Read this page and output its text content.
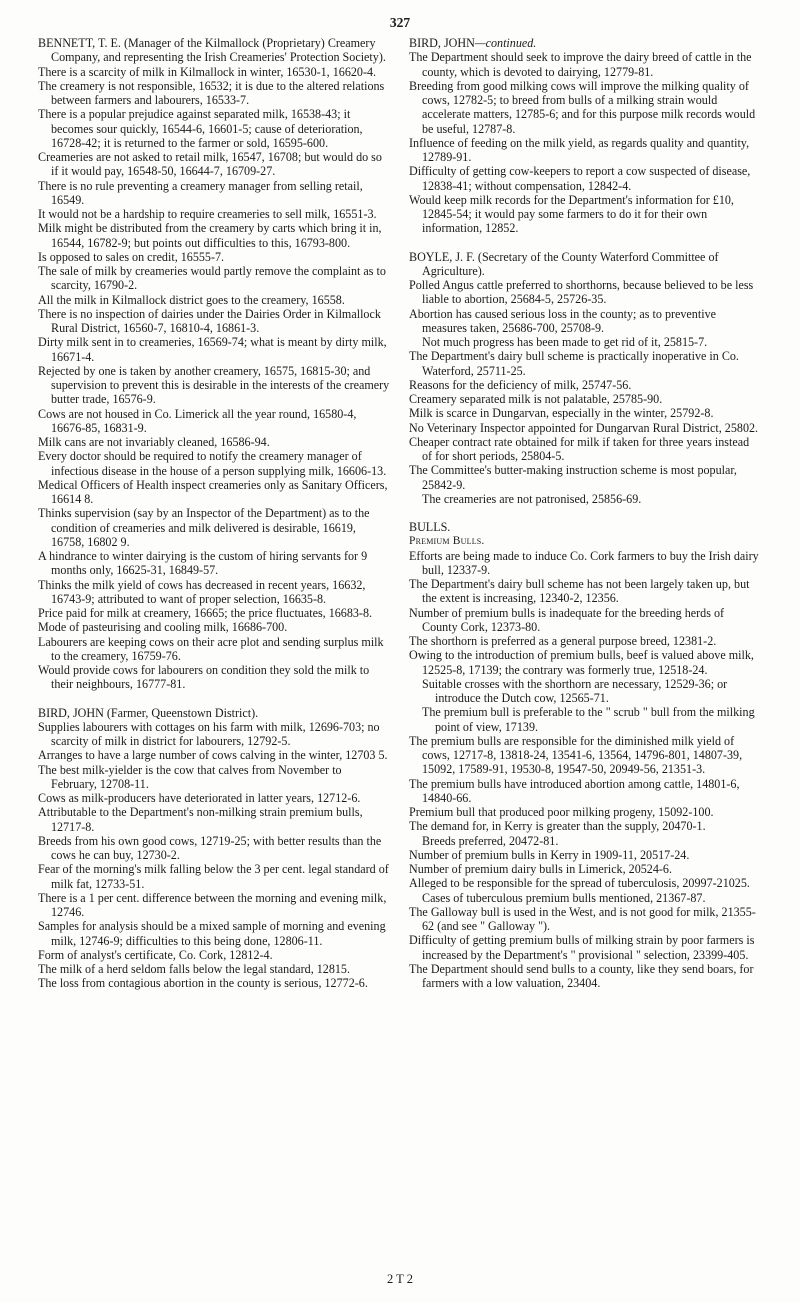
327

BENNETT, T. E. (Manager of the Kilmallock (Proprietary) Creamery Company, and representing the Irish Creameries' Protection Society).

There is a scarcity of milk in Kilmallock in winter, 16530-1, 16620-4.

The creamery is not responsible, 16532; it is due to the altered relations between farmers and labourers, 16533-7.

There is a popular prejudice against separated milk, 16538-43; it becomes sour quickly, 16544-6, 16601-5; cause of deterioration, 16728-42; it is returned to the farmer or sold, 16595-600.

Creameries are not asked to retail milk, 16547, 16708; but would do so if it would pay, 16548-50, 16644-7, 16709-27.

There is no rule preventing a creamery manager from selling retail, 16549.

It would not be a hardship to require creameries to sell milk, 16551-3.

Milk might be distributed from the creamery by carts which bring it in, 16544, 16782-9; but points out difficulties to this, 16793-800.

Is opposed to sales on credit, 16555-7.

The sale of milk by creameries would partly remove the complaint as to scarcity, 16790-2.

All the milk in Kilmallock district goes to the creamery, 16558.

There is no inspection of dairies under the Dairies Order in Kilmallock Rural District, 16560-7, 16810-4, 16861-3.

Dirty milk sent in to creameries, 16569-74; what is meant by dirty milk, 16671-4.

Rejected by one is taken by another creamery, 16575, 16815-30; and supervision to prevent this is desirable in the interests of the creamery butter trade, 16576-9.

Cows are not housed in Co. Limerick all the year round, 16580-4, 16676-85, 16831-9.

Milk cans are not invariably cleaned, 16586-94.

Every doctor should be required to notify the creamery manager of infectious disease in the house of a person supplying milk, 16606-13.

Medical Officers of Health inspect creameries only as Sanitary Officers, 16614 8.

Thinks supervision (say by an Inspector of the Department) as to the condition of creameries and milk delivered is desirable, 16619, 16758, 16802 9.

A hindrance to winter dairying is the custom of hiring servants for 9 months only, 16625-31, 16849-57.

Thinks the milk yield of cows has decreased in recent years, 16632, 16743-9; attributed to want of proper selection, 16635-8.

Price paid for milk at creamery, 16665; the price fluctuates, 16683-8.

Mode of pasteurising and cooling milk, 16686-700.

Labourers are keeping cows on their acre plot and sending surplus milk to the creamery, 16759-76.

Would provide cows for labourers on condition they sold the milk to their neighbours, 16777-81.

BIRD, JOHN (Farmer, Queenstown District).

Supplies labourers with cottages on his farm with milk, 12696-703; no scarcity of milk in district for labourers, 12792-5.

Arranges to have a large number of cows calving in the winter, 12703 5.

The best milk-yielder is the cow that calves from November to February, 12708-11.

Cows as milk-producers have deteriorated in latter years, 12712-6.

Attributable to the Department's non-milking strain premium bulls, 12717-8.

Breeds from his own good cows, 12719-25; with better results than the cows he can buy, 12730-2.

Fear of the morning's milk falling below the 3 per cent. legal standard of milk fat, 12733-51.

There is a 1 per cent. difference between the morning and evening milk, 12746.

Samples for analysis should be a mixed sample of morning and evening milk, 12746-9; difficulties to this being done, 12806-11.

Form of analyst's certificate, Co. Cork, 12812-4.

The milk of a herd seldom falls below the legal standard, 12815.

The loss from contagious abortion in the county is serious, 12772-6.

BIRD, JOHN—continued.

The Department should seek to improve the dairy breed of cattle in the county, which is devoted to dairying, 12779-81.

Breeding from good milking cows will improve the milking quality of cows, 12782-5; to breed from bulls of a milking strain would accelerate matters, 12785-6; and for this purpose milk records would be useful, 12787-8.

Influence of feeding on the milk yield, as regards quality and quantity, 12789-91.

Difficulty of getting cow-keepers to report a cow suspected of disease, 12838-41; without compensation, 12842-4.

Would keep milk records for the Department's information for £10, 12845-54; it would pay some farmers to do it for their own information, 12852.

BOYLE, J. F. (Secretary of the County Waterford Committee of Agriculture).

Polled Angus cattle preferred to shorthorns, because believed to be less liable to abortion, 25684-5, 25726-35.

Abortion has caused serious loss in the county; as to preventive measures taken, 25686-700, 25708-9.

Not much progress has been made to get rid of it, 25815-7.

The Department's dairy bull scheme is practically inoperative in Co. Waterford, 25711-25.

Reasons for the deficiency of milk, 25747-56.

Creamery separated milk is not palatable, 25785-90.

Milk is scarce in Dungarvan, especially in the winter, 25792-8.

No Veterinary Inspector appointed for Dungarvan Rural District, 25802.

Cheaper contract rate obtained for milk if taken for three years instead of for short periods, 25804-5.

The Committee's butter-making instruction scheme is most popular, 25842-9.

The creameries are not patronised, 25856-69.

BULLS.

Premium Bulls.

Efforts are being made to induce Co. Cork farmers to buy the Irish dairy bull, 12337-9.

The Department's dairy bull scheme has not been largely taken up, but the extent is increasing, 12340-2, 12356.

Number of premium bulls is inadequate for the breeding herds of County Cork, 12373-80.

The shorthorn is preferred as a general purpose breed, 12381-2.

Owing to the introduction of premium bulls, beef is valued above milk, 12525-8, 17139; the contrary was formerly true, 12518-24.

Suitable crosses with the shorthorn are necessary, 12529-36; or introduce the Dutch cow, 12565-71.

The premium bull is preferable to the " scrub " bull from the milking point of view, 17139.

The premium bulls are responsible for the diminished milk yield of cows, 12717-8, 13818-24, 13541-6, 13564, 14796-801, 14807-39, 15092, 17589-91, 19530-8, 19547-50, 20949-56, 21351-3.

The premium bulls have introduced abortion among cattle, 14801-6, 14840-66.

Premium bull that produced poor milking progeny, 15092-100.

The demand for, in Kerry is greater than the supply, 20470-1.

Breeds preferred, 20472-81.

Number of premium bulls in Kerry in 1909-11, 20517-24.

Number of premium dairy bulls in Limerick, 20524-6.

Alleged to be responsible for the spread of tuberculosis, 20997-21025.

Cases of tuberculous premium bulls mentioned, 21367-87.

The Galloway bull is used in the West, and is not good for milk, 21355-62 (and see " Galloway ").

Difficulty of getting premium bulls of milking strain by poor farmers is increased by the Department's " provisional " selection, 23399-405.

The Department should send bulls to a county, like they send boars, for farmers with a low valuation, 23404.

2 T 2
